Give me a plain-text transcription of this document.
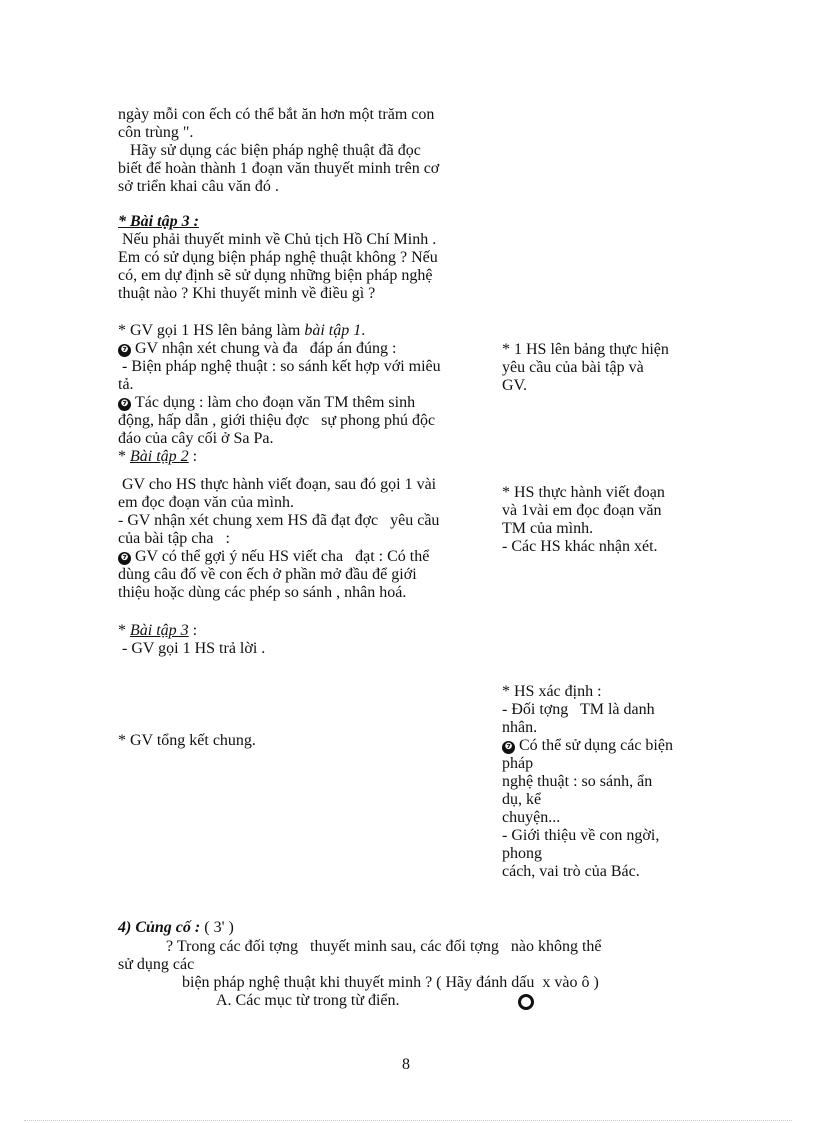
ngày mỗi con ếch có thể bắt ăn hơn một trăm con
côn trùng ".
Hãy sử dụng các biện pháp nghệ thuật đã đọc
biết để hoàn thành 1 đoạn văn thuyết minh trên cơ
sở triển khai câu văn đó .
* Bài tập 3 :
Nếu phải thuyết minh về Chủ tịch Hồ Chí Minh .
Em có sử dụng biện pháp nghệ thuật không ? Nếu
có, em dự định sẽ sử dụng những biện pháp nghệ
thuật nào ? Khi thuyết minh về điều gì ?
* GV gọi 1 HS lên bảng làm bài tập 1.
❼ GV nhận xét chung và đa   đáp án đúng :
- Biện pháp nghệ thuật : so sánh kết hợp với miêu
tả.
❼ Tác dụng : làm cho đoạn văn TM thêm sinh
động, hấp dẫn , giới thiệu đợc   sự phong phú độc
đáo của cây cối ở Sa Pa.
* Bài tập 2 :
GV cho HS thực hành viết đoạn, sau đó gọi 1 vài
em đọc đoạn văn của mình.
- GV nhận xét chung xem HS đã đạt đợc   yêu cầu
của bài tập cha   :
❼ GV có thể gợi ý nếu HS viết cha   đạt : Có thể
dùng câu đố về con ếch ở phần mở đầu để giới
thiệu hoặc dùng các phép so sánh , nhân hoá.
* Bài tập 3 :
- GV gọi 1 HS trả lời .
* GV tổng kết chung.
* 1 HS lên bảng thực hiện
yêu cầu của bài tập và
GV.
* HS thực hành viết đoạn
và 1vài em đọc đoạn văn
TM của mình.
- Các HS khác nhận xét.
* HS xác định :
- Đối tợng   TM là danh
nhân.
❼ Có thể sử dụng các biện
pháp
nghệ thuật : so sánh, ẩn
dụ, kể
chuyện...
- Giới thiệu về con ngời,
phong
cách, vai trò của Bác.
4) Củng cố : ( 3' )
? Trong các đối tợng   thuyết minh sau, các đối tợng   nào không thể
sử dụng các
biện pháp nghệ thuật khi thuyết minh ? ( Hãy đánh dấu  x vào ô )
A. Các mục từ trong từ điển.
8
